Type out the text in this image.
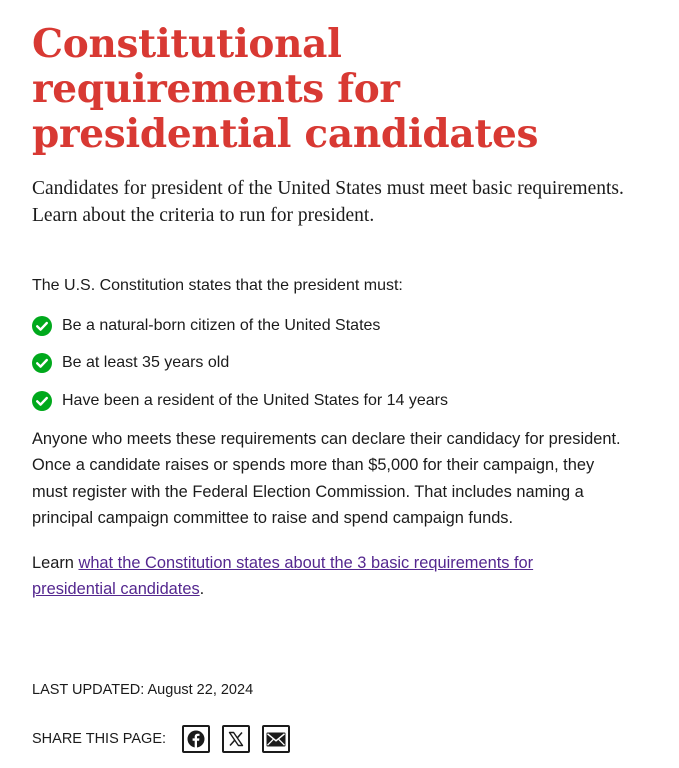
Constitutional requirements for presidential candidates

Candidates for president of the United States must meet basic requirements. Learn about the criteria to run for president.

The U.S. Constitution states that the president must:

Be a natural-born citizen of the United States
Be at least 35 years old
Have been a resident of the United States for 14 years

Anyone who meets these requirements can declare their candidacy for president. Once a candidate raises or spends more than $5,000 for their campaign, they must register with the Federal Election Commission. That includes naming a principal campaign committee to raise and spend campaign funds.

Learn what the Constitution states about the 3 basic requirements for presidential candidates.

LAST UPDATED: August 22, 2024
SHARE THIS PAGE:
